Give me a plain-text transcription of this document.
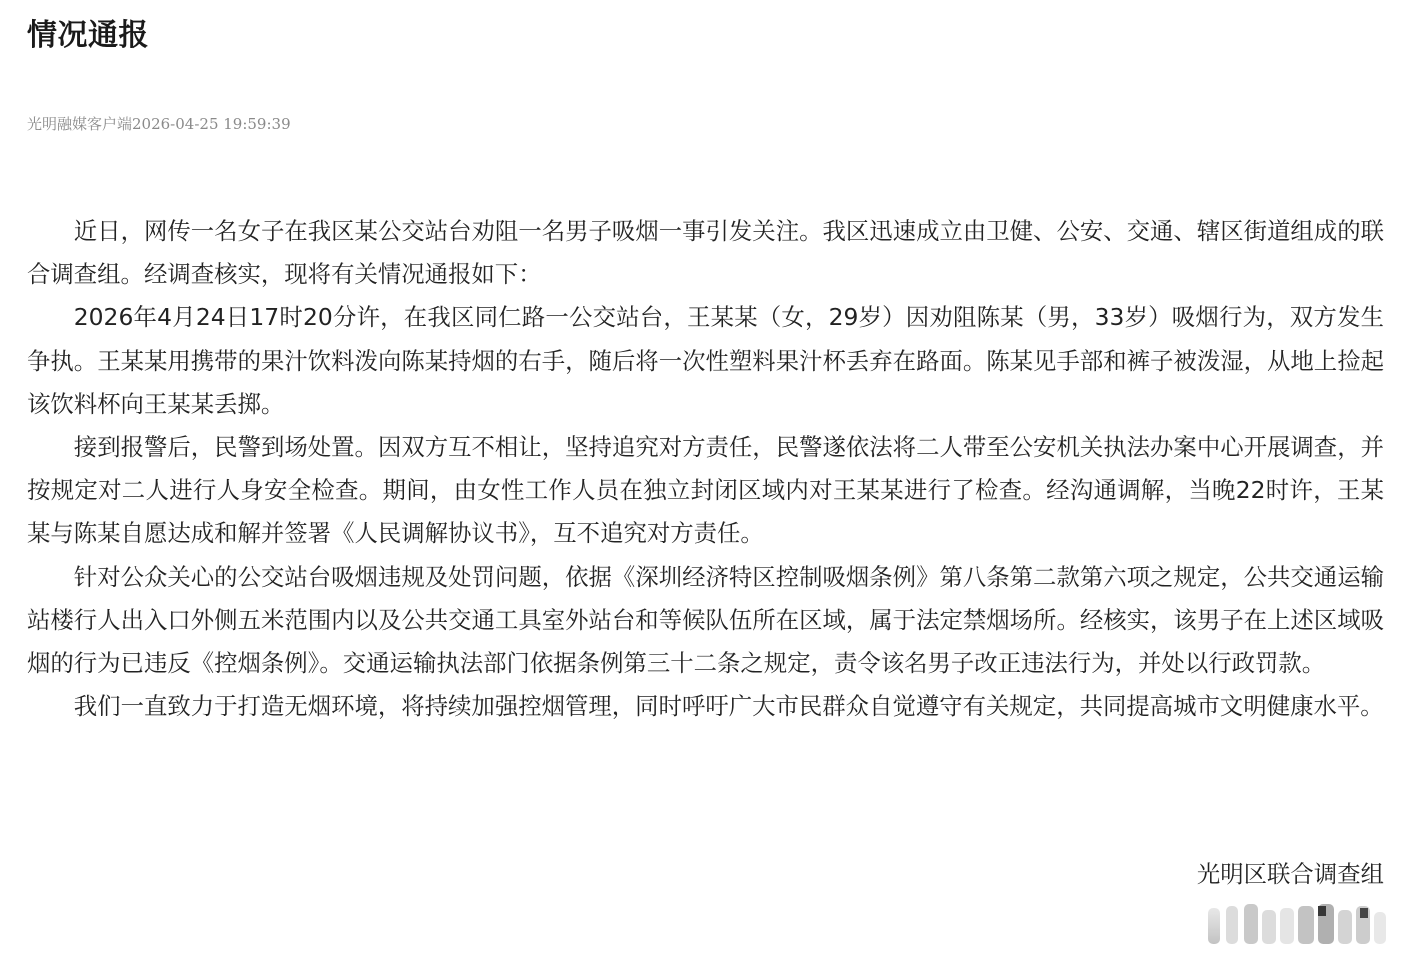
情况通报
光明融媒客户端2026-04-25 19:59:39

近日，网传一名女子在我区某公交站台劝阻一名男子吸烟一事引发关注。我区迅速成立由卫健、公安、交通、辖区街道组成的联合调查组。经调查核实，现将有关情况通报如下：

2026年4月24日17时20分许，在我区同仁路一公交站台，王某某（女，29岁）因劝阻陈某（男，33岁）吸烟行为，双方发生争执。王某某用携带的果汁饮料泼向陈某持烟的右手，随后将一次性塑料果汁杯丢弃在路面。陈某见手部和裤子被泼湿，从地上捡起该饮料杯向王某某丢掷。

接到报警后，民警到场处置。因双方互不相让，坚持追究对方责任，民警遂依法将二人带至公安机关执法办案中心开展调查，并按规定对二人进行人身安全检查。期间，由女性工作人员在独立封闭区域内对王某某进行了检查。经沟通调解，当晚22时许，王某某与陈某自愿达成和解并签署《人民调解协议书》，互不追究对方责任。

针对公众关心的公交站台吸烟违规及处罚问题，依据《深圳经济特区控制吸烟条例》第八条第二款第六项之规定，公共交通运输站楼行人出入口外侧五米范围内以及公共交通工具室外站台和等候队伍所在区域，属于法定禁烟场所。经核实，该男子在上述区域吸烟的行为已违反《控烟条例》。交通运输执法部门依据条例第三十二条之规定，责令该名男子改正违法行为，并处以行政罚款。

我们一直致力于打造无烟环境，将持续加强控烟管理，同时呼吁广大市民群众自觉遵守有关规定，共同提高城市文明健康水平。

光明区联合调查组
